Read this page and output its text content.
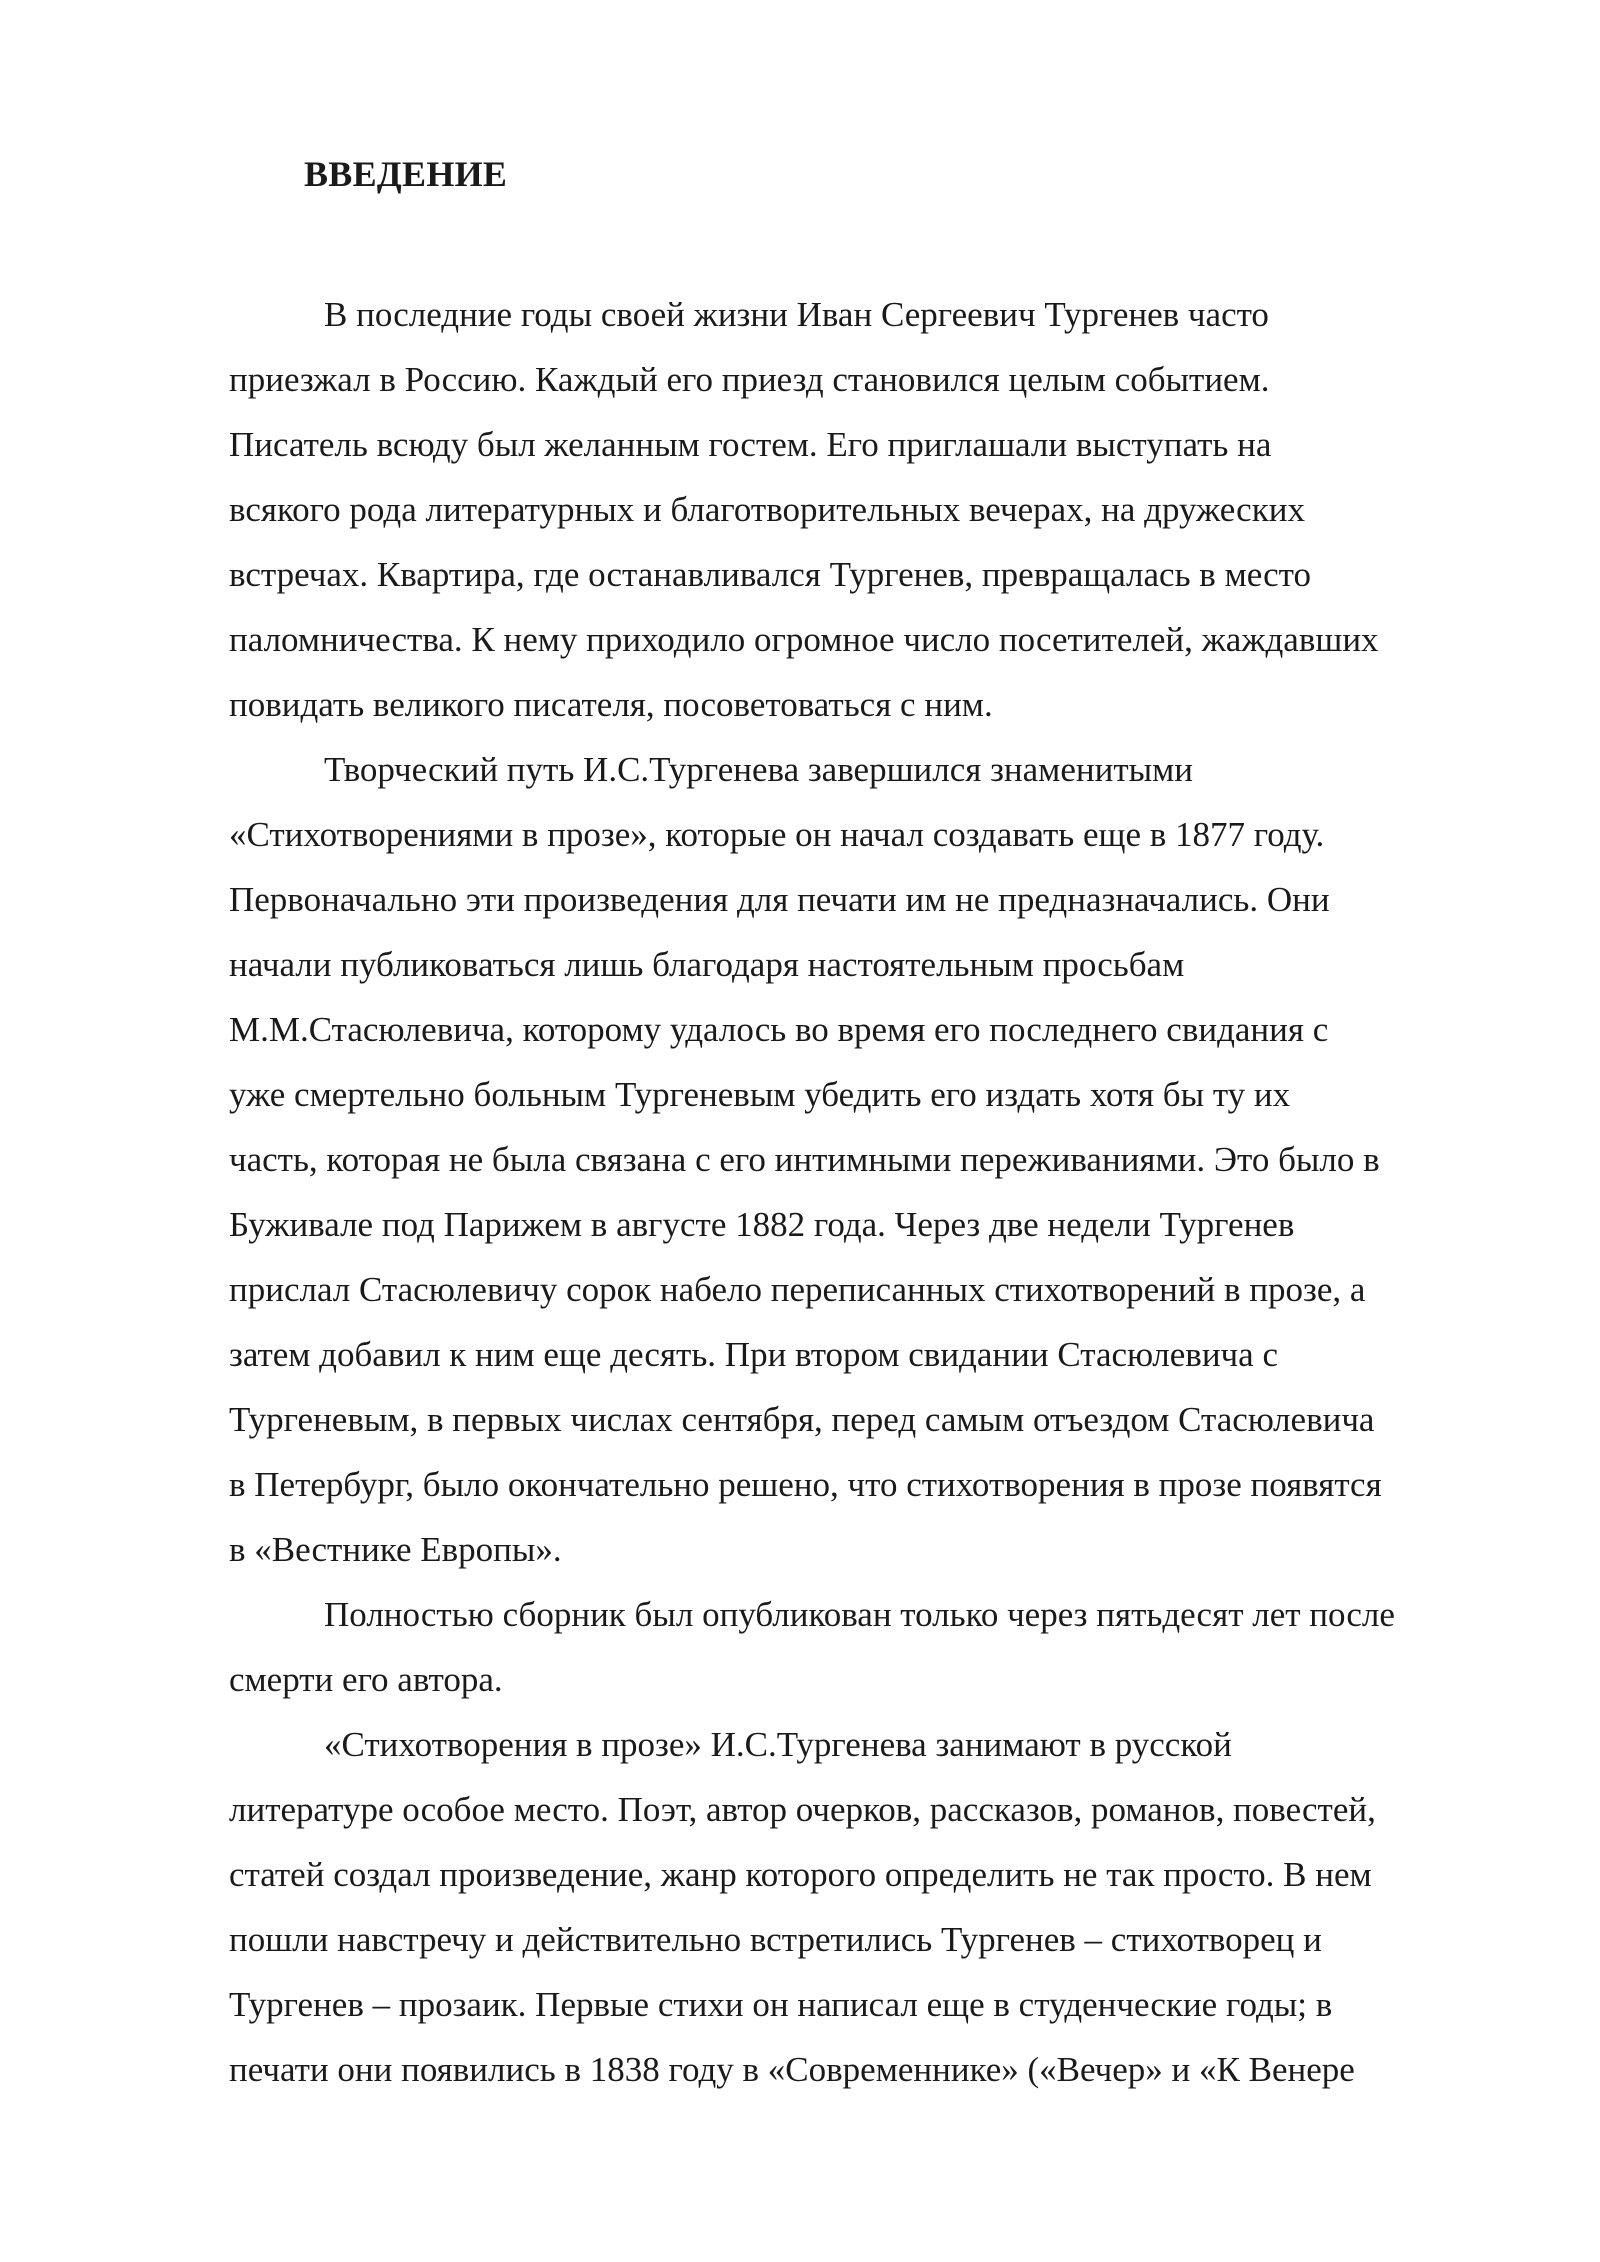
ВВЕДЕНИЕ
В последние годы своей жизни Иван Сергеевич Тургенев часто
приезжал в Россию. Каждый его приезд становился целым событием.
Писатель всюду был желанным гостем. Его приглашали выступать на
всякого рода литературных и благотворительных вечерах, на дружеских
встречах. Квартира, где останавливался Тургенев, превращалась в место
паломничества. К нему приходило огромное число посетителей, жаждавших
повидать великого писателя, посоветоваться с ним.
Творческий путь И.С.Тургенева завершился знаменитыми
«Стихотворениями в прозе», которые он начал создавать еще в 1877 году.
Первоначально эти произведения для печати им не предназначались. Они
начали публиковаться лишь благодаря настоятельным просьбам
М.М.Стасюлевича, которому удалось во время его последнего свидания с
уже смертельно больным Тургеневым убедить его издать хотя бы ту их
часть, которая не была связана с его интимными переживаниями. Это было в
Буживале под Парижем в августе 1882 года. Через две недели Тургенев
прислал Стасюлевичу сорок набело переписанных стихотворений в прозе, а
затем добавил к ним еще десять. При втором свидании Стасюлевича с
Тургеневым, в первых числах сентября, перед самым отъездом Стасюлевича
в Петербург, было окончательно решено, что стихотворения в прозе появятся
в «Вестнике Европы».
Полностью сборник был опубликован только через пятьдесят лет после
смерти его автора.
«Стихотворения в прозе» И.С.Тургенева занимают в русской
литературе особое место. Поэт, автор очерков, рассказов, романов, повестей,
статей создал произведение, жанр которого определить не так просто. В нем
пошли навстречу и действительно встретились Тургенев – стихотворец и
Тургенев – прозаик. Первые стихи он написал еще в студенческие годы; в
печати они появились в 1838 году в «Современнике» («Вечер» и «К Венере
